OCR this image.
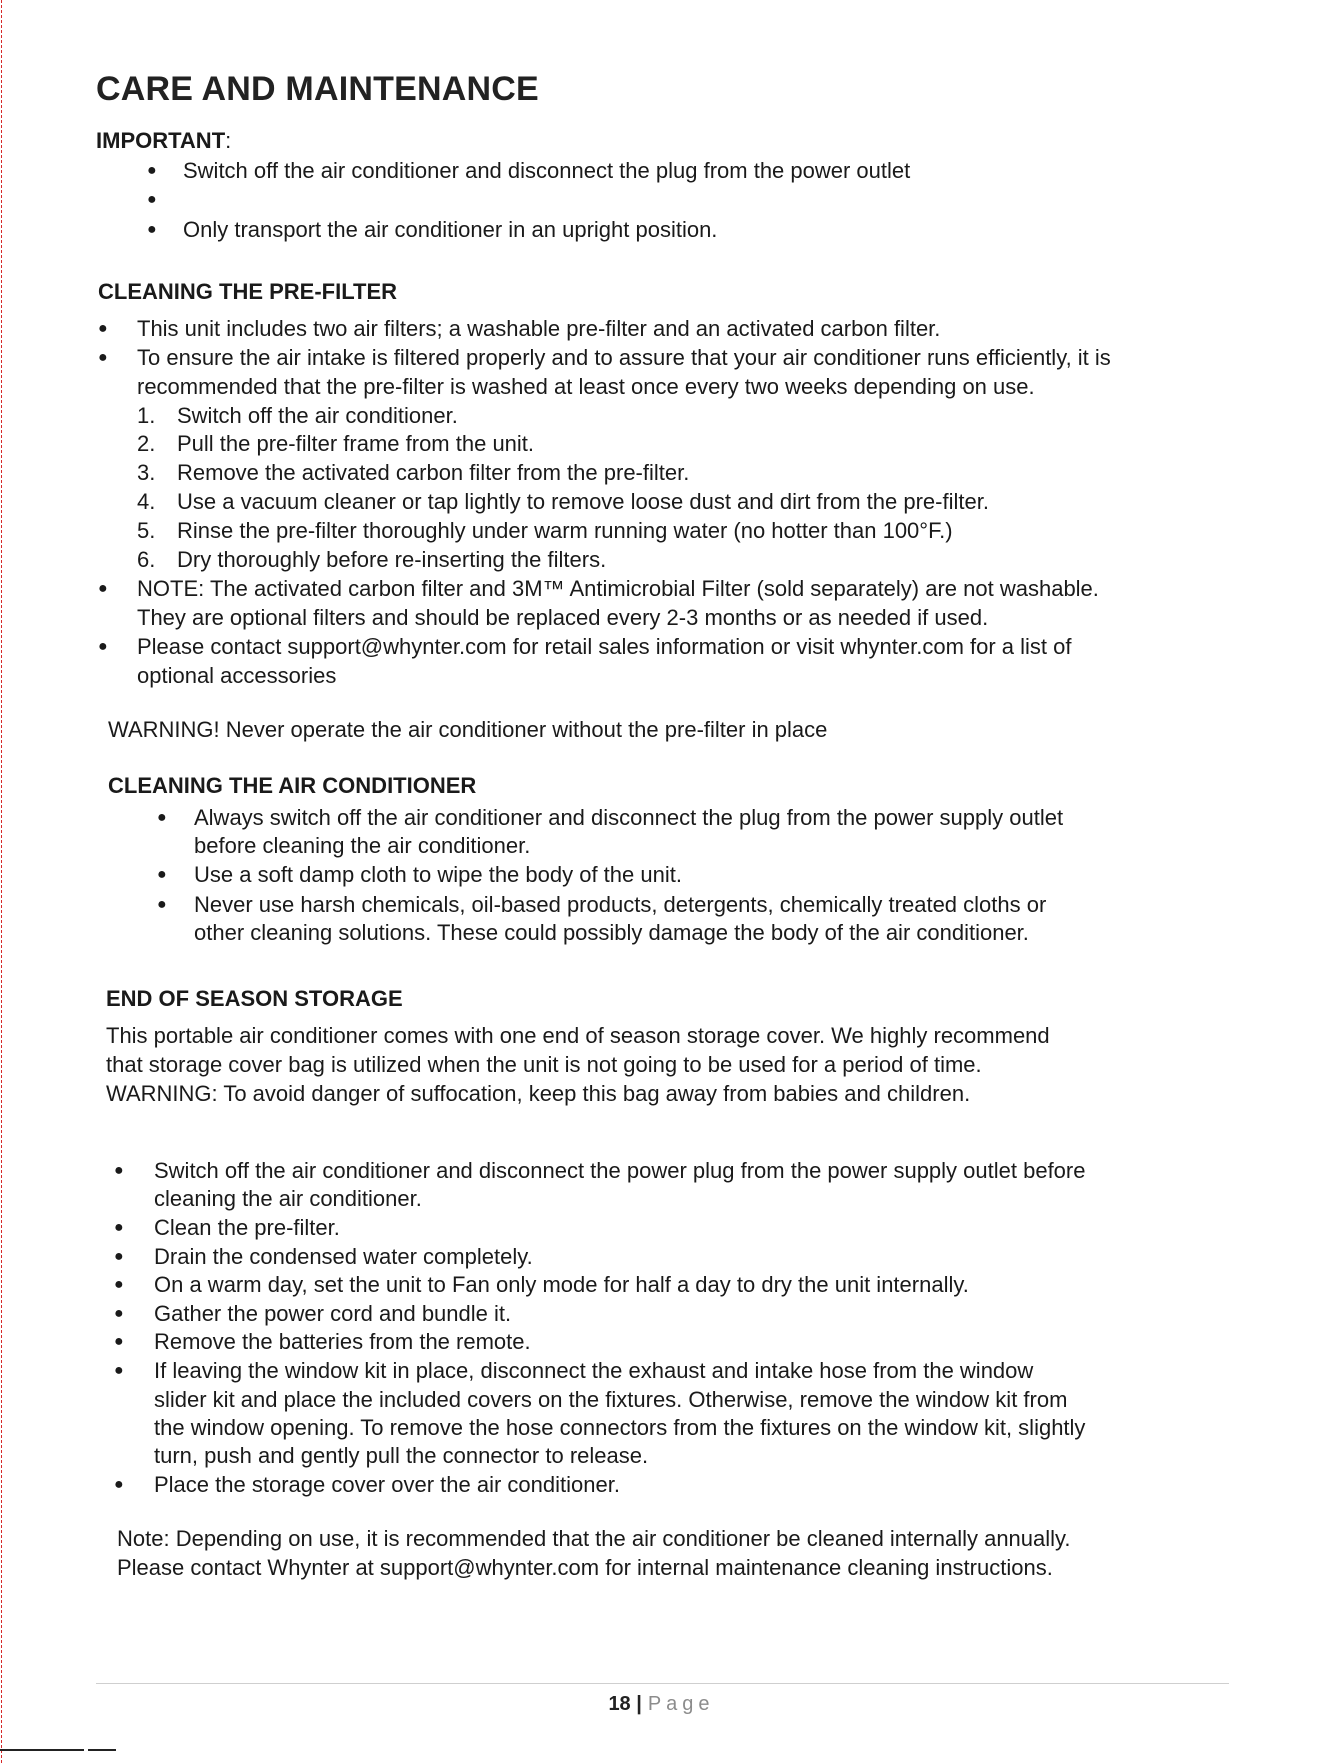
CARE AND MAINTENANCE
IMPORTANT:
● Switch off the air conditioner and disconnect the plug from the power outlet
●
● Only transport the air conditioner in an upright position.
CLEANING THE PRE-FILTER
● This unit includes two air filters; a washable pre-filter and an activated carbon filter.
● To ensure the air intake is filtered properly and to assure that your air conditioner runs efficiently, it is
recommended that the pre-filter is washed at least once every two weeks depending on use.
1. Switch off the air conditioner.
2. Pull the pre-filter frame from the unit.
3. Remove the activated carbon filter from the pre-filter.
4. Use a vacuum cleaner or tap lightly to remove loose dust and dirt from the pre-filter.
5. Rinse the pre-filter thoroughly under warm running water (no hotter than 100°F.)
6. Dry thoroughly before re-inserting the filters.
● NOTE: The activated carbon filter and 3M™ Antimicrobial Filter (sold separately) are not washable.
They are optional filters and should be replaced every 2-3 months or as needed if used.
● Please contact support@whynter.com for retail sales information or visit whynter.com for a list of
optional accessories
WARNING! Never operate the air conditioner without the pre-filter in place
CLEANING THE AIR CONDITIONER
● Always switch off the air conditioner and disconnect the plug from the power supply outlet
before cleaning the air conditioner.
● Use a soft damp cloth to wipe the body of the unit.
● Never use harsh chemicals, oil-based products, detergents, chemically treated cloths or
other cleaning solutions. These could possibly damage the body of the air conditioner.
END OF SEASON STORAGE
This portable air conditioner comes with one end of season storage cover. We highly recommend
that storage cover bag is utilized when the unit is not going to be used for a period of time.
WARNING: To avoid danger of suffocation, keep this bag away from babies and children.
● Switch off the air conditioner and disconnect the power plug from the power supply outlet before
cleaning the air conditioner.
● Clean the pre-filter.
● Drain the condensed water completely.
● On a warm day, set the unit to Fan only mode for half a day to dry the unit internally.
● Gather the power cord and bundle it.
● Remove the batteries from the remote.
● If leaving the window kit in place, disconnect the exhaust and intake hose from the window
slider kit and place the included covers on the fixtures. Otherwise, remove the window kit from
the window opening. To remove the hose connectors from the fixtures on the window kit, slightly
turn, push and gently pull the connector to release.
● Place the storage cover over the air conditioner.
Note: Depending on use, it is recommended that the air conditioner be cleaned internally annually.
Please contact Whynter at support@whynter.com for internal maintenance cleaning instructions.
18 | Page
